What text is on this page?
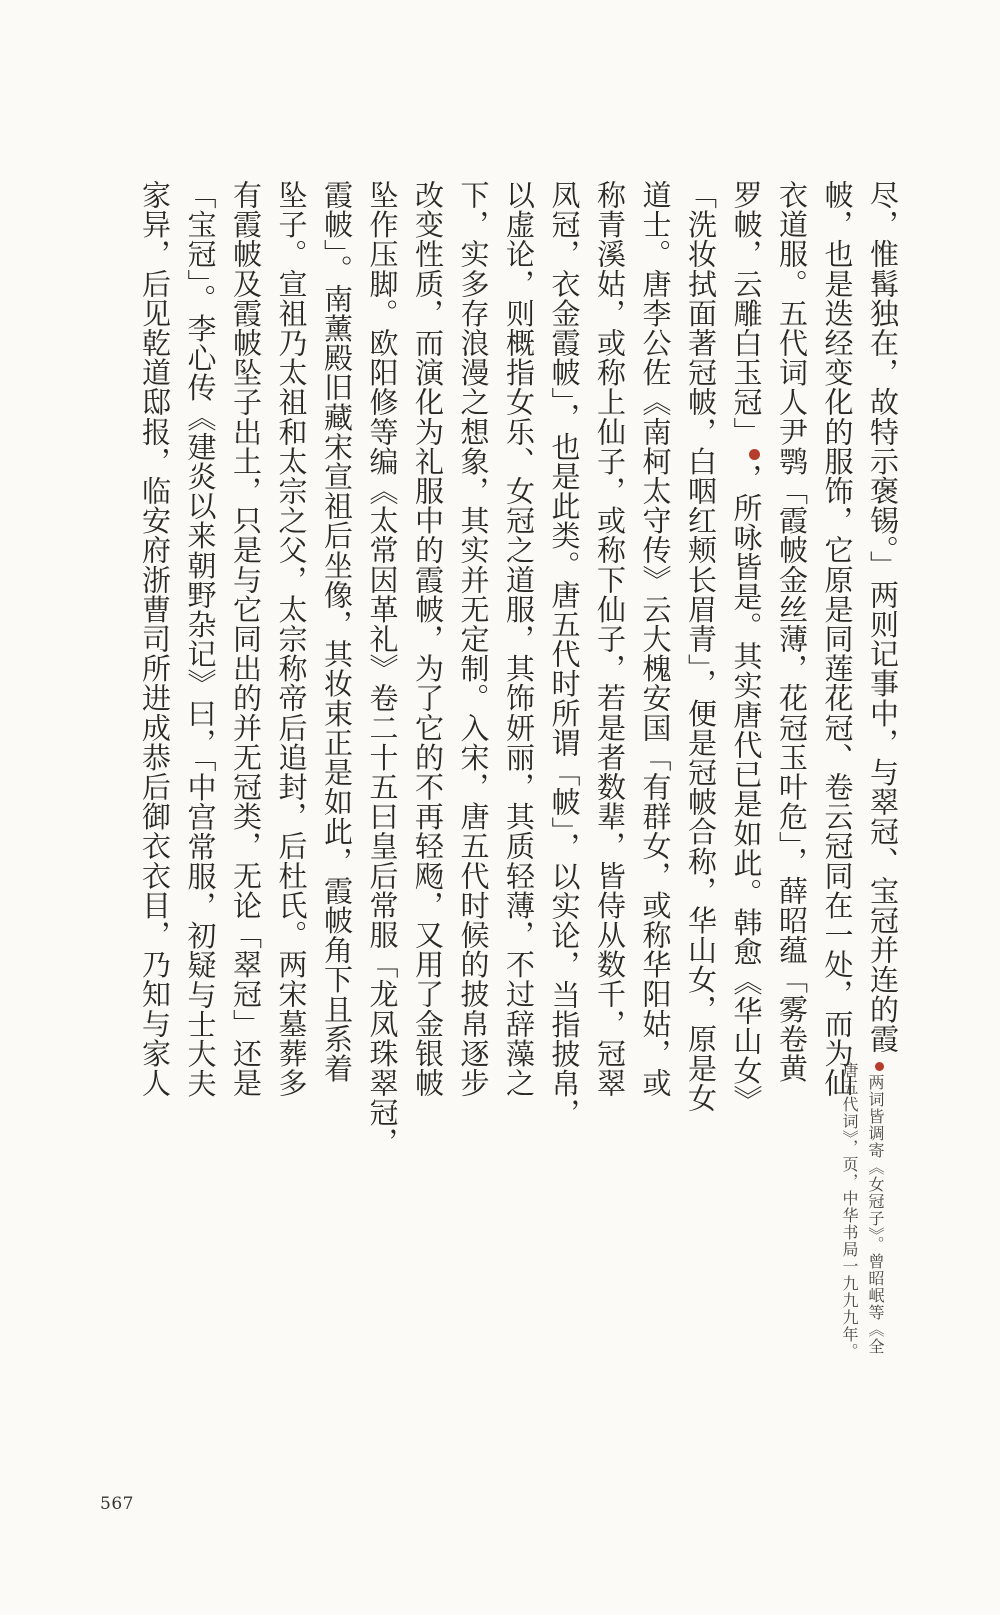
尽，惟髯独在，故特示褒锡。」两则记事中，与翠冠、宝冠并连的霞
帔，也是迭经变化的服饰，它原是同莲花冠、卷云冠同在一处，而为仙
衣道服。五代词人尹鹗「霞帔金丝薄，花冠玉叶危」，薛昭蕴「雾卷黄
罗帔，云雕白玉冠」，所咏皆是。其实唐代已是如此。韩愈《华山女》
「洗妆拭面著冠帔，白咽红颊长眉青」，便是冠帔合称，华山女，原是女
道士。唐李公佐《南柯太守传》云大槐安国「有群女，或称华阳姑，或
称青溪姑，或称上仙子，或称下仙子，若是者数辈，皆侍从数千，冠翠
凤冠，衣金霞帔」，也是此类。唐五代时所谓「帔」，以实论，当指披帛，
以虚论，则概指女乐、女冠之道服，其饰妍丽，其质轻薄，不过辞藻之
下，实多存浪漫之想象，其实并无定制。入宋，唐五代时候的披帛逐步
改变性质，而演化为礼服中的霞帔，为了它的不再轻飏，又用了金银帔
坠作压脚。欧阳修等编《太常因革礼》卷二十五曰皇后常服「龙凤珠翠冠，
霞帔」。南薰殿旧藏宋宣祖后坐像，其妆束正是如此，霞帔角下且系着
坠子。宣祖乃太祖和太宗之父，太宗称帝后追封，后杜氏。两宋墓葬多
有霞帔及霞帔坠子出土，只是与它同出的并无冠类，无论「翠冠」还是
「宝冠」。李心传《建炎以来朝野杂记》曰，「中宫常服，初疑与士大夫
家异，后见乾道邸报，临安府浙曹司所进成恭后御衣衣目，乃知与家人
两词皆调寄《女冠子》。曾昭岷等《全
唐五代词》，页，中华书局一九九九年。
567
